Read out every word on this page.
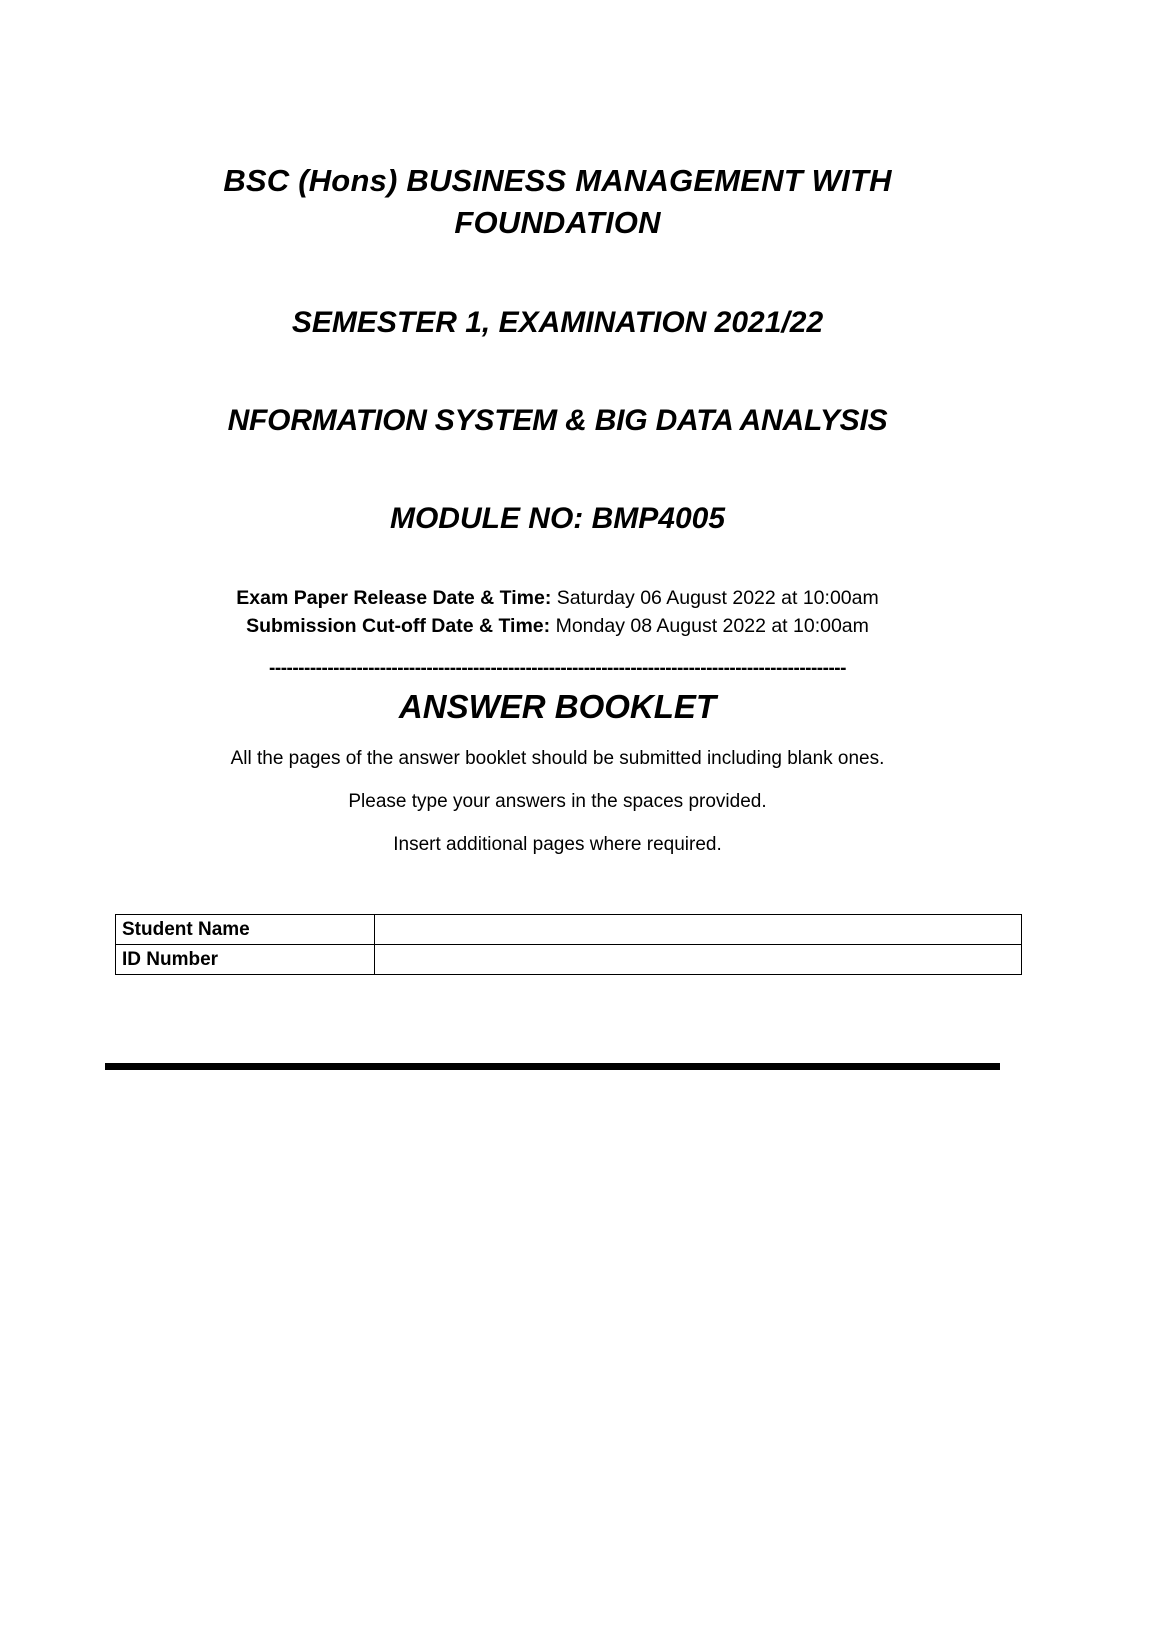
BSC (Hons) BUSINESS MANAGEMENT WITH
FOUNDATION
SEMESTER 1, EXAMINATION 2021/22
NFORMATION SYSTEM & BIG DATA ANALYSIS
MODULE NO: BMP4005
Exam Paper Release Date & Time: Saturday 06 August 2022 at 10:00am
Submission Cut-off Date & Time: Monday 08 August 2022 at 10:00am
---------------------------------------------------------------------------------------------------
ANSWER BOOKLET
All the pages of the answer booklet should be submitted including blank ones.
Please type your answers in the spaces provided.
Insert additional pages where required.
Student Name	
ID Number	
